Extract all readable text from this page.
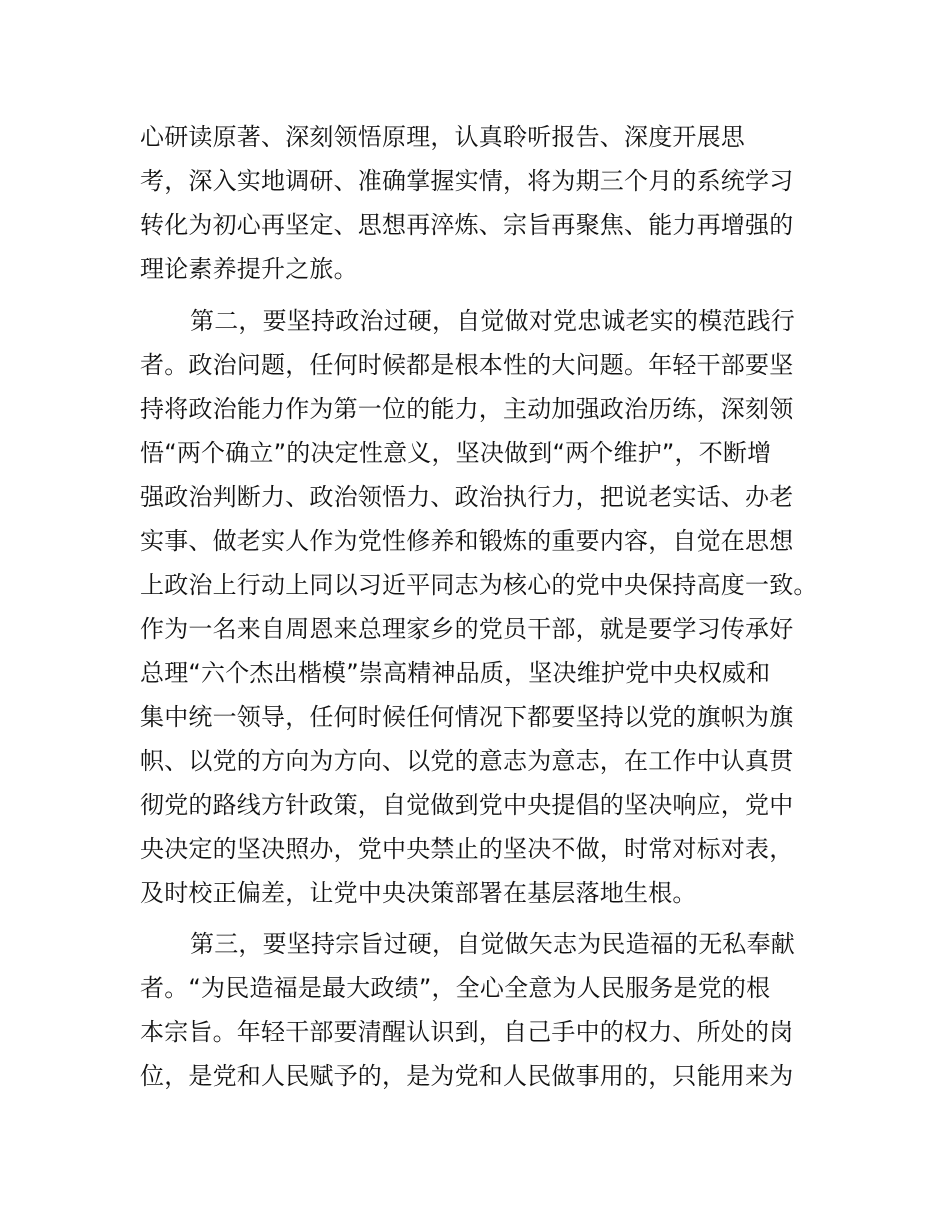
心研读原著、深刻领悟原理，认真聆听报告、深度开展思
考，深入实地调研、准确掌握实情，将为期三个月的系统学习
转化为初心再坚定、思想再淬炼、宗旨再聚焦、能力再增强的
理论素养提升之旅。
第二，要坚持政治过硬，自觉做对党忠诚老实的模范践行
者。政治问题，任何时候都是根本性的大问题。年轻干部要坚
持将政治能力作为第一位的能力，主动加强政治历练，深刻领
悟“两个确立”的决定性意义，坚决做到“两个维护”，不断增
强政治判断力、政治领悟力、政治执行力，把说老实话、办老
实事、做老实人作为党性修养和锻炼的重要内容，自觉在思想
上政治上行动上同以习近平同志为核心的党中央保持高度一致。
作为一名来自周恩来总理家乡的党员干部，就是要学习传承好
总理“六个杰出楷模”崇高精神品质，坚决维护党中央权威和
集中统一领导，任何时候任何情况下都要坚持以党的旗帜为旗
帜、以党的方向为方向、以党的意志为意志，在工作中认真贯
彻党的路线方针政策，自觉做到党中央提倡的坚决响应，党中
央决定的坚决照办，党中央禁止的坚决不做，时常对标对表，
及时校正偏差，让党中央决策部署在基层落地生根。
第三，要坚持宗旨过硬，自觉做矢志为民造福的无私奉献
者。“为民造福是最大政绩”，全心全意为人民服务是党的根
本宗旨。年轻干部要清醒认识到，自己手中的权力、所处的岗
位，是党和人民赋予的，是为党和人民做事用的，只能用来为
